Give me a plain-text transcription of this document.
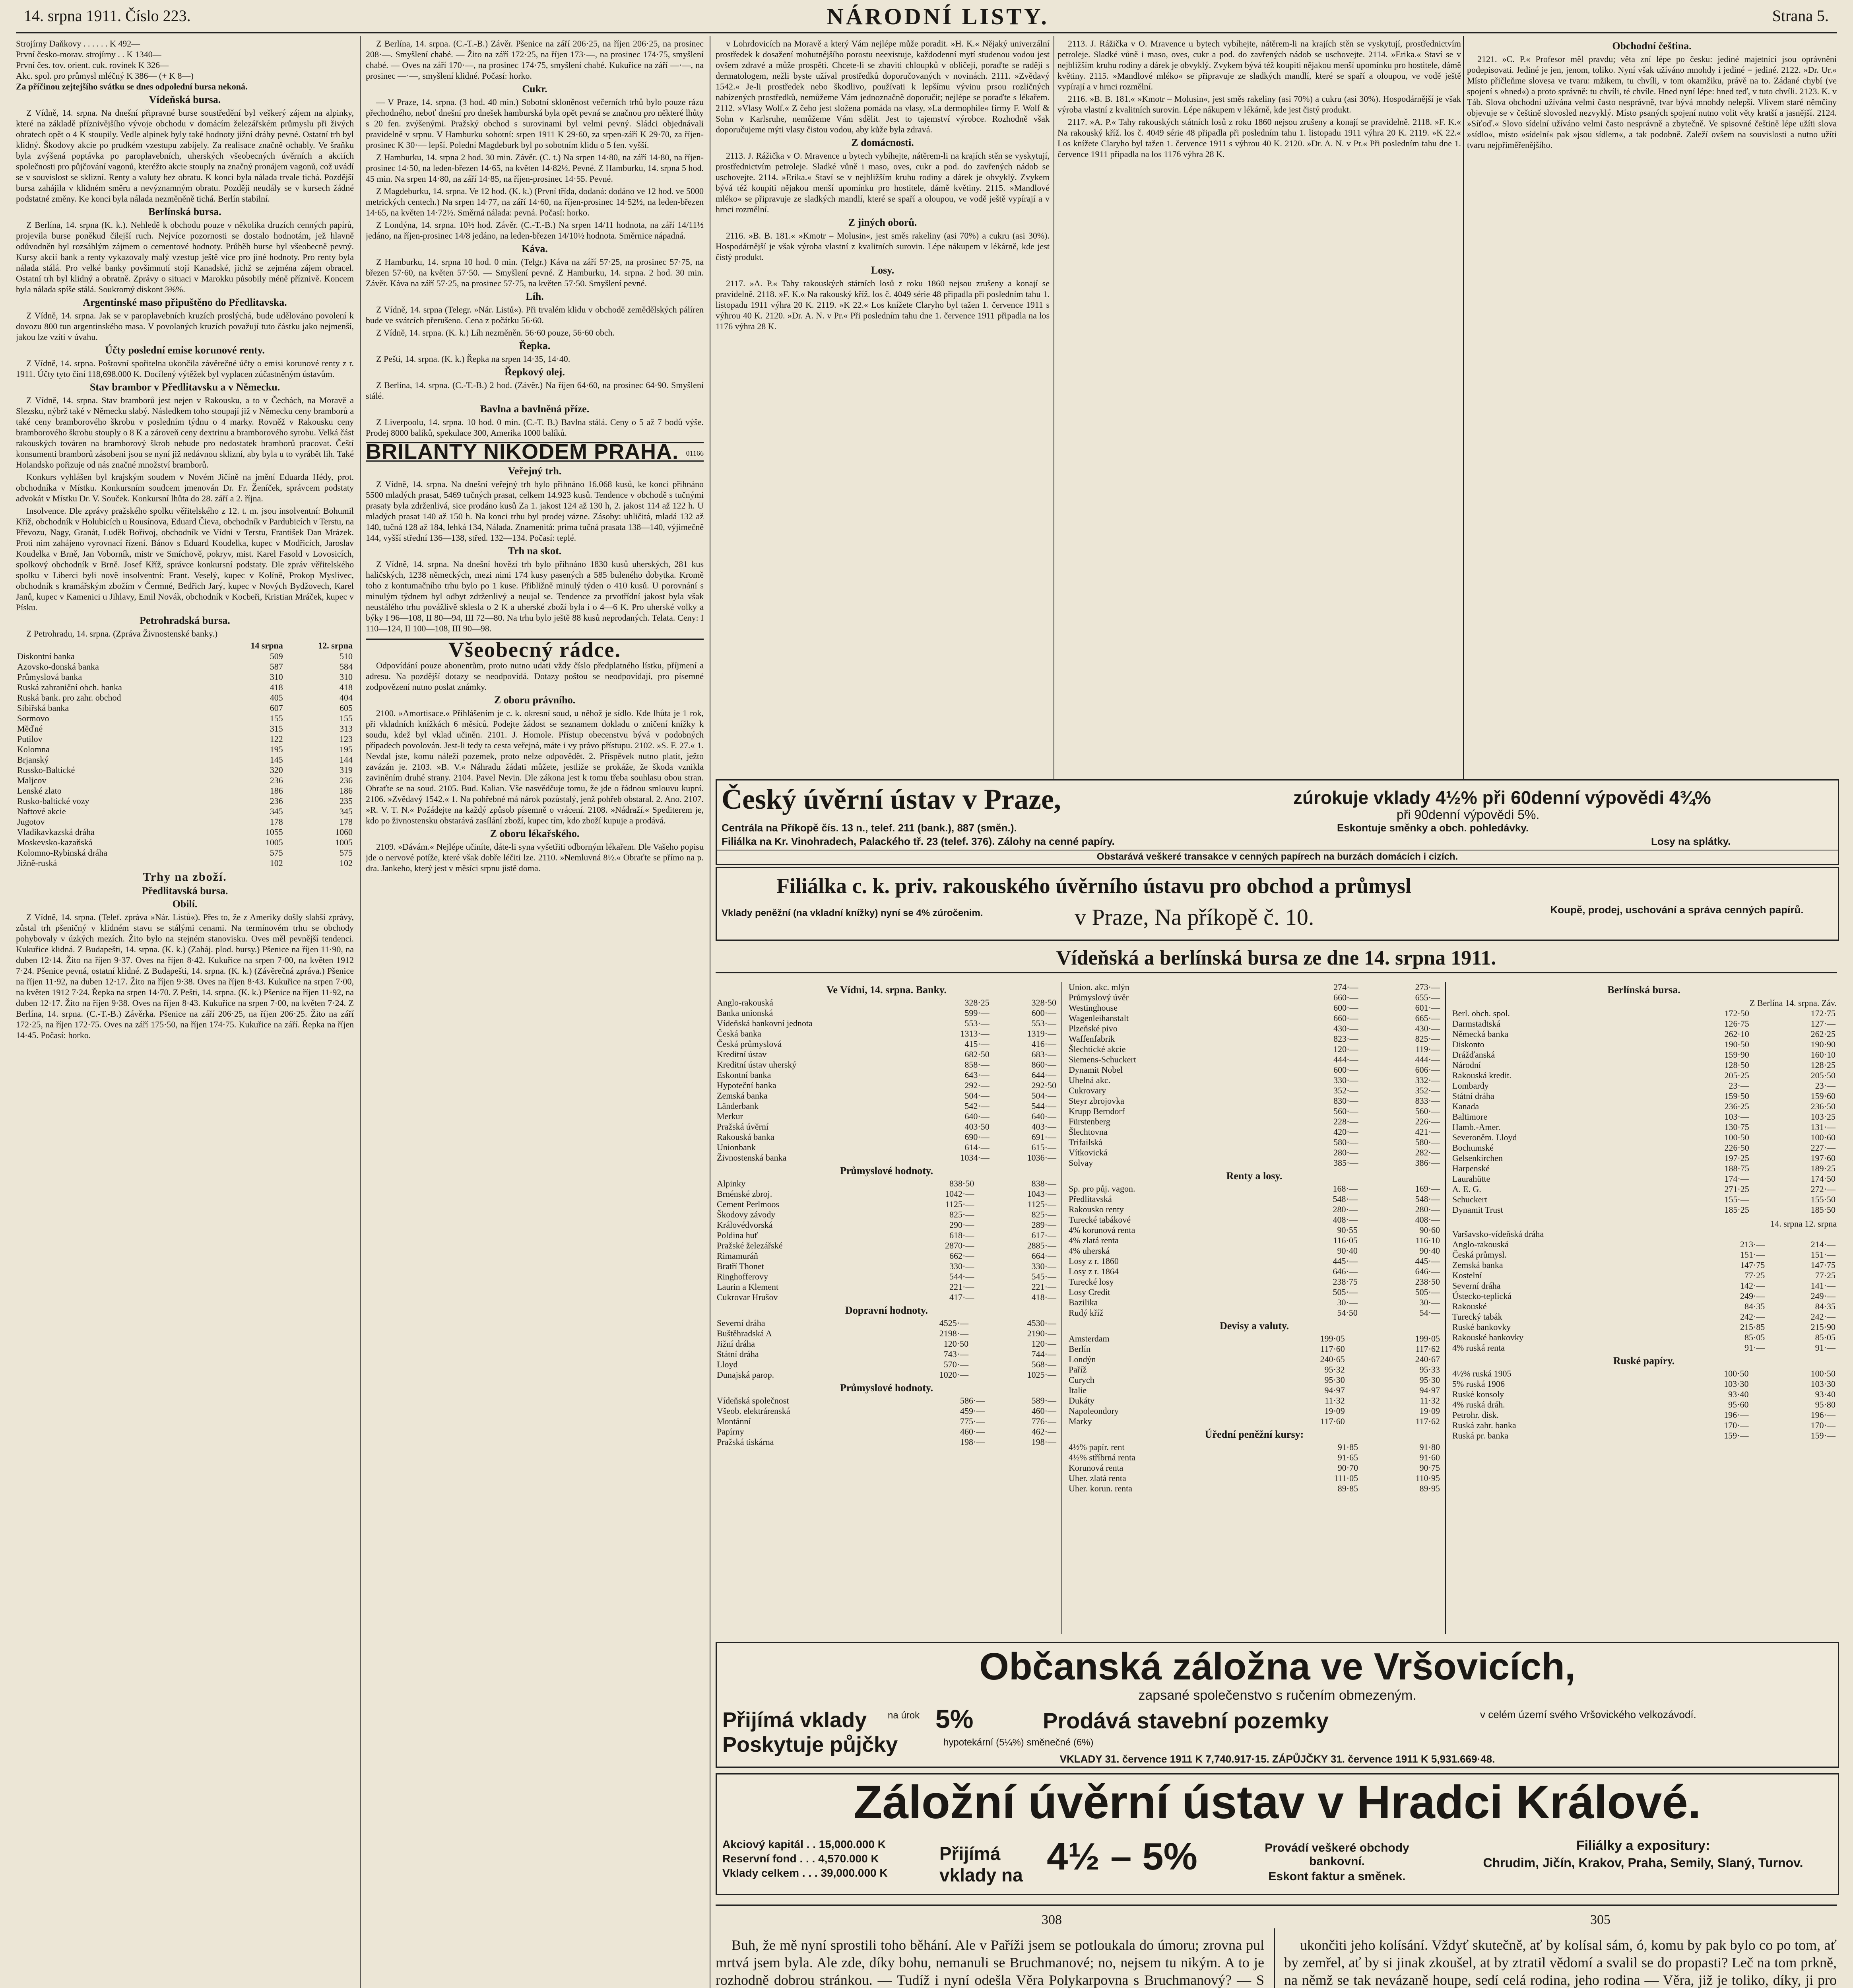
14. srpna 1911. Číslo 223.	NÁRODNÍ LISTY.	Strana 5.
Strojírny Daňkovy . . . . . . K 492—
První česko-morav. strojírny . . K 1340—
První čes. tov. orient. cuk. rovinek K 326—
Akc. spol. pro průmysl mléčný K 386— (+ K 8—)
Za příčinou zejtejšího svátku se dnes odpolední bursa nekoná.
Vídeňská bursa.

Z Vídně, 14. srpna. Na dnešní připravné burse soustředění byl veškerý zájem na alpinky, které na základě příznivějšího vývoje obchodu v domácím železářském průmyslu při živých obratech opět o 4 K stoupily. Vedle alpinek byly také hodnoty jižní dráhy pevné. Ostatní trh byl klidný. Škodovy akcie po prudkém vzestupu zabíjely. Za realisace značně ochably. Ve šraňku byla zvýšená poptávka po paroplavebních, uherských všeobecných úvěrních a akciích společnosti pro půjčování vagonů, kteréžto akcie stouply na značný pronájem vagonů, což uvádí se v souvislost se sklizní. Renty a valuty bez obratu. K konci byla nálada trvale tichá. Pozdější bursa zahájila v klidném směru a nevýznamným obratu. Později neudály se v kursech žádné podstatné změny. Ke konci byla nálada nezměněně tichá. Berlín stabilní.

Berlínská bursa.

Z Berlína, 14. srpna (K. k.). Nehledě k obchodu pouze v několika druzích cenných papírů, projevila burse poněkud čilejší ruch. Nejvíce pozornosti se dostalo hodnotám, jež hlavně odůvodněn byl rozsáhlým zájmem o cementové hodnoty. Průběh burse byl všeobecně pevný. Kursy akcií bank a renty vykazovaly malý vzestup ještě více pro jiné hodnoty. Pro renty byla nálada stálá. Pro velké banky povšimnutí stojí Kanadské, jichž se zejména zájem obracel. Ostatní trh byl klidný a obratně. Zprávy o situaci v Marokku působily méně příznivě. Koncem byla nálada spíše stálá. Soukromý diskont 3⅜%.

Argentinské maso připuštěno do Předlitavska.

Z Vídně, 14. srpna. Jak se v paroplavebních kruzích proslýchá, bude udělováno povolení k dovozu 800 tun argentinského masa. V povolaných kruzích považují tuto částku jako nejmenší, jakou lze vzíti v úvahu.

Účty poslední emise korunové renty.

Z Vídně, 14. srpna. Poštovní spořitelna ukončila závěrečné účty o emisi korunové renty z r. 1911. Účty tyto činí 118,698.000 K. Docílený výtěžek byl vyplacen zúčastněným ústavům.

Stav brambor v Předlitavsku a v Německu.

Z Vídně, 14. srpna. Stav bramborů jest nejen v Rakousku, a to v Čechách, na Moravě a Slezsku, nýbrž také v Německu slabý. Následkem toho stoupají již v Německu ceny bramborů a také ceny bramborového škrobu v posledním týdnu o 4 marky. Rovněž v Rakousku ceny bramborového škrobu stouply o 8 K a zároveň ceny dextrinu a bramborového syrobu. Velká část rakouských továren na bramborový škrob nebude pro nedostatek bramborů pracovat. Čeští konsumenti bramborů zásobeni jsou se nyní již nedávnou sklizní, aby byla u to vyrábět lih. Také Holandsko pořizuje od nás značné množství bramborů.

Konkurs vyhlášen byl krajským soudem v Novém Jičíně na jmění Eduarda Hédy, prot. obchodníka v Místku. Konkursním soudcem jmenován Dr. Fr. Ženíček, správcem podstaty advokát v Místku Dr. V. Souček. Konkursní lhůta do 28. září a 2. října.

Insolvence. Dle zprávy pražského spolku věřitelského z 12. t. m. jsou insolventní: Bohumil Kříž, obchodník v Holubicích u Rousínova, Eduard Čieva, obchodník v Pardubicích v Terstu, na Převozu, Nagy, Granát, Luděk Bořivoj, obchodník ve Vídni v Terstu, František Dan Mrázek. Proti nim zahájeno vyrovnací řízení. Bánov s Eduard Koudelka, kupec v Modřicích, Jaroslav Koudelka v Brně, Jan Voborník, mistr ve Smíchově, pokryv, mist. Karel Fasold v Lovosicích, spolkový obchodník v Brně. Josef Kříž, správce konkursní podstaty. Dle zpráv věřitelského spolku v Liberci byli nově insolventní: Frant. Veselý, kupec v Kolíně, Prokop Myslivec, obchodník s kramářským zbožím v Čermné, Bedřich Jarý, kupec v Nových Bydžovech, Karel Janů, kupec v Kamenici u Jihlavy, Emil Novák, obchodník v Kocbeři, Kristian Mráček, kupec v Písku.

Petrohradská bursa.

Z Petrohradu, 14. srpna. (Zpráva Živnostenské banky.)

	14 srpna	12. srpna
Diskontní banka	509	510
Azovsko-donská banka	587	584
Průmyslová banka	310	310
Ruská zahraniční obch. banka	418	418
Ruská bank. pro zahr. obchod	405	404
Sibiřská banka	607	605
Sormovo	155	155
Měďné	315	313
Putilov	122	123
Kolomna	195	195
Brjanský	145	144
Russko-Baltické	320	319
Maljcov	236	236
Lenské zlato	186	186
Rusko-baltické vozy	236	235
Naftové akcie	345	345
Jugotov	178	178
Vladikavkazská dráha	1055	1060
Moskevsko-kazaňská	1005	1005
Kolomno-Rybinská dráha	575	575
Jižně-ruská	102	102
Trhy na zboží.
Předlitavská bursa.
Obilí.

Z Vídně, 14. srpna. (Telef. zpráva »Nár. Listů«). Přes to, že z Ameriky došly slabší zprávy, zůstal trh pšeničný v klidném stavu se stálými cenami. Na termínovém trhu se obchody pohybovaly v úzkých mezích. Žito bylo na stejném stanovisku. Oves měl pevnější tendenci. Kukuřice klidná. Z Budapešti, 14. srpna. (K. k.) (Zaháj. plod. bursy.) Pšenice na říjen 11·90, na duben 12·14. Žito na říjen 9·37. Oves na říjen 8·42. Kukuřice na srpen 7·00, na květen 1912 7·24. Pšenice pevná, ostatní klidné. Z Budapešti, 14. srpna. (K. k.) (Závěrečná zpráva.) Pšenice na říjen 11·92, na duben 12·17. Žito na říjen 9·38. Oves na říjen 8·43. Kukuřice na srpen 7·00, na květen 1912 7·24. Řepka na srpen 14·70. Z Pešti, 14. srpna. (K. k.) Pšenice na říjen 11·92, na duben 12·17. Žito na říjen 9·38. Oves na říjen 8·43. Kukuřice na srpen 7·00, na květen 7·24. Z Berlína, 14. srpna. (C.-T.-B.) Závěrka. Pšenice na září 206·25, na říjen 206·25. Žito na září 172·25, na říjen 172·75. Oves na září 175·50, na říjen 174·75. Kukuřice na září. Řepka na říjen 14·45. Počasí: horko.

Z Berlína, 14. srpna. (C.-T.-B.) Závěr. Pšenice na září 206·25, na říjen 206·25, na prosinec 208·—. Smyšlení chabé. — Žito na září 172·25, na říjen 173·—, na prosinec 174·75, smyšlení chabé. — Oves na září 170·—, na prosinec 174·75, smyšlení chabé. Kukuřice na září —·—, na prosinec —·—, smyšlení klidné. Počasí: horko.

Cukr.

— V Praze, 14. srpna. (3 hod. 40 min.) Sobotní skloněnost večerních trhů bylo pouze rázu přechodného, neboť dnešní pro dnešek hamburská byla opět pevná se značnou pro některé lhůty s 20 fen. zvýšenými. Pražský obchod s surovinami byl velmi pevný. Sládci objednávali pravidelně v srpnu. V Hamburku sobotní: srpen 1911 K 29·60, za srpen-září K 29·70, za říjen-prosinec K 30·— lepší. Polední Magdeburk byl po sobotním klidu o 5 fen. vyšší.

Z Hamburku, 14. srpna 2 hod. 30 min. Závěr. (C. t.) Na srpen 14·80, na září 14·80, na říjen-prosinec 14·50, na leden-březen 14·65, na květen 14·82½. Pevné. Z Hamburku, 14. srpna 5 hod. 45 min. Na srpen 14·80, na září 14·85, na říjen-prosinec 14·55. Pevné.

Z Magdeburku, 14. srpna. Ve 12 hod. (K. k.) (První třída, dodaná: dodáno ve 12 hod. ve 5000 metrických centech.) Na srpen 14·77, na září 14·60, na říjen-prosinec 14·52½, na leden-březen 14·65, na květen 14·72½. Směrná nálada: pevná. Počasí: horko.

Z Londýna, 14. srpna. 10½ hod. Závěr. (C.-T.-B.) Na srpen 14/11 hodnota, na září 14/11½ jedáno, na říjen-prosinec 14/8 jedáno, na leden-březen 14/10½ hodnota. Směrnice nápadná.

Káva.

Z Hamburku, 14. srpna 10 hod. 0 min. (Telgr.) Káva na září 57·25, na prosinec 57·75, na březen 57·60, na květen 57·50. — Smyšlení pevné. Z Hamburku, 14. srpna. 2 hod. 30 min. Závěr. Káva na září 57·25, na prosinec 57·75, na květen 57·50. Smyšlení pevné.

Líh.

Z Vídně, 14. srpna (Telegr. »Nár. Listů«). Při trvalém klidu v obchodě zemědělských pálíren bude ve svátcích přerušeno. Cena z počátku 56·60.

Z Vídně, 14. srpna. (K. k.) Líh nezměněn. 56·60 pouze, 56·60 obch.

Řepka.

Z Pešti, 14. srpna. (K. k.) Řepka na srpen 14·35, 14·40.

Řepkový olej.

Z Berlína, 14. srpna. (C.-T.-B.) 2 hod. (Závěr.) Na říjen 64·60, na prosinec 64·90. Smyšlení stálé.

Bavlna a bavlněná příze.

Z Liverpoolu, 14. srpna. 10 hod. 0 min. (C.-T. B.) Bavlna stálá. Ceny o 5 až 7 bodů výše. Prodej 8000 balíků, spekulace 300, Amerika 1000 balíků.

BRILANTY NIKODEM PRAHA.	01166
Veřejný trh.

Z Vídně, 14. srpna. Na dnešní veřejný trh bylo přihnáno 16.068 kusů, ke konci přihnáno 5500 mladých prasat, 5469 tučných prasat, celkem 14.923 kusů. Tendence v obchodě s tučnými prasaty byla zdrženlivá, sice prodáno kusů Za 1. jakost 124 až 130 h, 2. jakost 114 až 122 h. U mladých prasat 140 až 150 h. Na konci trhu byl prodej vázne. Zásoby: uhličitá, mladá 132 až 140, tučná 128 až 184, lehká 134, Nálada. Znamenitá: prima tučná prasata 138—140, výjimečně 144, vyšší střední 136—138, střed. 132—134. Počasí: teplé.

Trh na skot.

Z Vídně, 14. srpna. Na dnešní hovězí trh bylo přihnáno 1830 kusů uherských, 281 kus haličských, 1238 německých, mezi nimi 174 kusy pasených a 585 buleného dobytka. Kromě toho z kontumačního trhu bylo po 1 kuse. Přibližně minulý týden o 410 kusů. U porovnání s minulým týdnem byl odbyt zdrženlivý a neujal se. Tendence za prvotřídní jakost byla však neustálého trhu povážlivě sklesla o 2 K a uherské zboží byla i o 4—6 K. Pro uherské volky a býky I 96—108, II 80—94, III 72—80. Na trhu bylo ještě 88 kusů neprodaných. Telata. Ceny: I 110—124, II 100—108, III 90—98.

Všeobecný rádce.

Odpovídání pouze abonentům, proto nutno udati vždy číslo předplatného lístku, příjmení a adresu. Na pozdější dotazy se neodpovídá. Dotazy poštou se neodpovídají, pro písemné zodpovězení nutno poslat známky.

Z oboru právního.

2100. »Amortisace.« Přihlášením je c. k. okresní soud, u něhož je sídlo. Kde lhůta je 1 rok, při vkladních knížkách 6 měsíců. Podejte žádost se seznamem dokladu o zničení knížky k soudu, kdež byl vklad učiněn. 2101. J. Homole. Přístup obecenstvu bývá v podobných případech povolován. Jest-li tedy ta cesta veřejná, máte i vy právo přístupu. 2102. »S. F. 27.« 1. Nevdal jste, komu náleží pozemek, proto nelze odpovědět. 2. Příspěvek nutno platit, ježto zavázán je. 2103. »B. V.« Náhradu žádati můžete, jestliže se prokáže, že škoda vznikla zaviněním druhé strany. 2104. Pavel Nevin. Dle zákona jest k tomu třeba souhlasu obou stran. Obraťte se na soud. 2105. Bud. Kalian. Vše nasvědčuje tomu, že jde o řádnou smlouvu kupní. 2106. »Zvědavý 1542.« 1. Na pohřebné má nárok pozůstalý, jenž pohřeb obstaral. 2. Ano. 2107. »R. V. T. N.« Požádejte na každý způsob písemně o vrácení. 2108. »Nádraží.« Spediterem je, kdo po živnostensku obstarává zasílání zboží, kupec tím, kdo zboží kupuje a prodává.

Z oboru lékařského.

2109. »Dávám.« Nejlépe učiníte, dáte-li syna vyšetřiti odborným lékařem. Dle Vašeho popisu jde o nervové potíže, které však dobře léčiti lze. 2110. »Nemluvná 8½.« Obraťte se přímo na p. dra. Jankeho, který jest v měsíci srpnu jistě doma.

v Lohrdovicích na Moravě a který Vám nejlépe může poradit. »H. K.« Nějaký univerzální prostředek k dosažení mohutnějšího porostu neexistuje, každodenní mytí studenou vodou jest ovšem zdravé a může prospěti. Chcete-li se zbaviti chloupků v obličeji, poraďte se raději s dermatologem, nežli byste užíval prostředků doporučovaných v novinách. 2111. »Zvědavý 1542.« Je-li prostředek nebo škodlivo, používati k lepšímu vývinu prsou rozličných nabízených prostředků, nemůžeme Vám jednoznačně doporučit; nejlépe se poraďte s lékařem. 2112. »Vlasy Wolf.« Z čeho jest složena pomáda na vlasy, »La dermophile« firmy F. Wolf & Sohn v Karlsruhe, nemůžeme Vám sdělit. Jest to tajemství výrobce. Rozhodně však doporučujeme mýti vlasy čistou vodou, aby kůže byla zdravá.

Z domácnosti.

2113. J. Rážička v O. Mravence u bytech vybíhejte, nátěrem-li na krajích stěn se vyskytují, prostřednictvím petroleje. Sladké vůně i maso, oves, cukr a pod. do zavřených nádob se uschovejte. 2114. »Erika.« Staví se v nejbližším kruhu rodiny a dárek je obvyklý. Zvykem bývá též koupiti nějakou menší upomínku pro hostitele, dámě květiny. 2115. »Mandlové mléko« se připravuje ze sladkých mandlí, které se spaří a oloupou, ve vodě ještě vypírají a v hrnci rozmělní.

Z jiných oborů.

2116. »B. B. 181.« »Kmotr – Molusin«, jest směs rakeliny (asi 70%) a cukru (asi 30%). Hospodárnější je však výroba vlastní z kvalitních surovin. Lépe nákupem v lékárně, kde jest čistý produkt.

Losy.

2117. »A. P.« Tahy rakouských státních losů z roku 1860 nejsou zrušeny a konají se pravidelně. 2118. »F. K.« Na rakouský kříž. los č. 4049 série 48 připadla při posledním tahu 1. listopadu 1911 výhra 20 K. 2119. »K 22.« Los knížete Claryho byl tažen 1. července 1911 s výhrou 40 K. 2120. »Dr. A. N. v Pr.« Při posledním tahu dne 1. července 1911 připadla na los 1176 výhra 28 K.

Obchodní čeština.

2121. »C. P.« Profesor měl pravdu; věta zní lépe po česku: jediné majetníci jsou oprávněni podepisovati. Jediné je jen, jenom, toliko. Nyní však užíváno mnohdy i jediné = jediné. 2122. »Dr. Ur.« Místo přičleňme slovesa ve tvaru: mžikem, tu chvíli, v tom okamžiku, právě na to. Zádané chybí (ve spojení s »hned«) a proto správně: tu chvíli, té chvíle. Hned nyní lépe: hned teď, v tuto chvíli. 2123. K. v Táb. Slova obchodní užívána velmi často nesprávně, tvar bývá mnohdy nelepší. Vlivem staré němčiny objevuje se v češtině slovosled nezvyklý. Místo psaných spojení nutno volit věty kratší a jasnější. 2124. »Síťoď.« Slovo sídelní užíváno velmi často nesprávně a zbytečně. Ve spisovné češtině lépe užíti slova »sídlo«, místo »sídelní« pak »jsou sídlem«, a tak podobně. Zaleží ovšem na souvislosti a nutno užíti tvaru nejpřiměřenějšího.

2113. J. Rážička v O. Mravence u bytech vybíhejte, nátěrem-li na krajích stěn se vyskytují, prostřednictvím petroleje. Sladké vůně i maso, oves, cukr a pod. do zavřených nádob se uschovejte. 2114. »Erika.« Staví se v nejbližším kruhu rodiny a dárek je obvyklý. Zvykem bývá též koupiti nějakou menší upomínku pro hostitele, dámě květiny. 2115. »Mandlové mléko« se připravuje ze sladkých mandlí, které se spaří a oloupou, ve vodě ještě vypírají a v hrnci rozmělní.

2116. »B. B. 181.« »Kmotr – Molusin«, jest směs rakeliny (asi 70%) a cukru (asi 30%). Hospodárnější je však výroba vlastní z kvalitních surovin. Lépe nákupem v lékárně, kde jest čistý produkt.

2117. »A. P.« Tahy rakouských státních losů z roku 1860 nejsou zrušeny a konají se pravidelně. 2118. »F. K.« Na rakouský kříž. los č. 4049 série 48 připadla při posledním tahu 1. listopadu 1911 výhra 20 K. 2119. »K 22.« Los knížete Claryho byl tažen 1. července 1911 s výhrou 40 K. 2120. »Dr. A. N. v Pr.« Při posledním tahu dne 1. července 1911 připadla na los 1176 výhra 28 K.

Český úvěrní ústav v Praze,	zúrokuje vklady 4½% při 60denní výpovědi 4¾%
při 90denní výpovědi 5%.
Centrála na Příkopě čís. 13 n., telef. 211 (bank.), 887 (směn.).	Eskontuje směnky a obch. pohledávky.
Filiálka na Kr. Vinohradech, Palackého tř. 23 (telef. 376). Zálohy na cenné papíry.	Losy na splátky.
Obstarává veškeré transakce v cenných papírech na burzách domácích i cizích.
Filiálka c. k. priv. rakouského úvěrního ústavu pro obchod a průmysl
v Praze, Na příkopě č. 10.
Vklady peněžní (na vkladní knížky) nyní se 4% zúročenim.	Koupě, prodej, uschování a správa cenných papírů.
Vídeňská a berlínská bursa ze dne 14. srpna 1911.
Ve Vídni, 14. srpna. Banky.
Anglo-rakouská	328·25	328·50
Banka unionská	599·—	600·—
Vídeňská bankovní jednota	553·—	553·—
Česká banka	1313·—	1319·—
Česká průmyslová	415·—	416·—
Kreditní ústav	682·50	683·—
Kreditní ústav uherský	858·—	860·—
Eskontní banka	643·—	644·—
Hypoteční banka	292·—	292·50
Zemská banka	504·—	504·—
Länderbank	542·—	544·—
Merkur	640·—	640·—
Pražská úvěrní	403·50	403·—
Rakouská banka	690·—	691·—
Unionbank	614·—	615·—
Živnostenská banka	1034·—	1036·—
Průmyslové hodnoty.
Alpinky	838·50	838·—
Brnénské zbroj.	1042·—	1043·—
Cement Perlmoos	1125·—	1125·—
Škodovy závody	825·—	825·—
Královédvorská	290·—	289·—
Poldina huť	618·—	617·—
Pražské železářské	2870·—	2885·—
Rimamuráň	662·—	664·—
Bratří Thonet	330·—	330·—
Ringhofferovy	544·—	545·—
Laurin a Klement	221·—	221·—
Cukrovar Hrušov	417·—	418·—
Dopravní hodnoty.
Severní dráha	4525·—	4530·—
Buštěhradská A	2198·—	2190·—
Jižní dráha	120·50	120·—
Státní dráha	743·—	744·—
Lloyd	570·—	568·—
Dunajská parop.	1020·—	1025·—
Průmyslové hodnoty.
Vídeňská společnost	586·—	589·—
Všeob. elektrárenská	459·—	460·—
Montánní	775·—	776·—
Papírny	460·—	462·—
Pražská tiskárna	198·—	198·—
Union. akc. mlýn	274·—	273·—
Průmyslový úvěr	660·—	655·—
Westinghouse	600·—	601·—
Wagenleihanstalt	660·—	665·—
Plzeňské pivo	430·—	430·—
Waffenfabrik	823·—	825·—
Šlechtické akcie	120·—	119·—
Siemens-Schuckert	444·—	444·—
Dynamit Nobel	600·—	606·—
Uhelná akc.	330·—	332·—
Cukrovary	352·—	352·—
Steyr zbrojovka	830·—	833·—
Krupp Berndorf	560·—	560·—
Fürstenberg	228·—	226·—
Šlechtovna	420·—	421·—
Trifailská	580·—	580·—
Vítkovická	280·—	282·—
Solvay	385·—	386·—
Renty a losy.
Sp. pro půj. vagon.	168·—	169·—
Předlitavská	548·—	548·—
Rakousko renty	280·—	280·—
Turecké tabákové	408·—	408·—
4% korunová renta	90·55	90·60
4% zlatá renta	116·05	116·10
4% uherská	90·40	90·40
Losy z r. 1860	445·—	445·—
Losy z r. 1864	646·—	646·—
Turecké losy	238·75	238·50
Losy Credit	505·—	505·—
Bazilika	30·—	30·—
Rudý kříž	54·50	54·—
Devisy a valuty.
Amsterdam	199·05	199·05
Berlín	117·60	117·62
Londýn	240·65	240·67
Paříž	95·32	95·33
Curych	95·30	95·30
Italie	94·97	94·97
Dukáty	11·32	11·32
Napoleondory	19·09	19·09
Marky	117·60	117·62
Úřední peněžní kursy:
4½% papír. rent	91·85	91·80
4½% stříbrná renta	91·65	91·60
Korunová renta	90·70	90·75
Uher. zlatá renta	111·05	110·95
Uher. korun. renta	89·85	89·95
Berlínská bursa.
Z Berlína 14. srpna. Záv.
Berl. obch. spol.	172·50	172·75
Darmstadtská	126·75	127·—
Německá banka	262·10	262·25
Diskonto	190·50	190·90
Drážďanská	159·90	160·10
Národní	128·50	128·25
Rakouská kredit.	205·25	205·50
Lombardy	23·—	23·—
Státní dráha	159·50	159·60
Kanada	236·25	236·50
Baltimore	103·—	103·25
Hamb.-Amer.	130·75	131·—
Severoněm. Lloyd	100·50	100·60
Bochumské	226·50	227·—
Gelsenkirchen	197·25	197·60
Harpenské	188·75	189·25
Laurahütte	174·—	174·50
A. E. G.	271·25	272·—
Schuckert	155·—	155·50
Dynamit Trust	185·25	185·50
14. srpna 12. srpna
Varšavsko-vídeňská dráha		
Anglo-rakouská	213·—	214·—
Česká průmysl.	151·—	151·—
Zemská banka	147·75	147·75
Kostelní	77·25	77·25
Severní dráha	142·—	141·—
Ústecko-teplická	249·—	249·—
Rakouské	84·35	84·35
Turecký tabák	242·—	242·—
Ruské bankovky	215·85	215·90
Rakouské bankovky	85·05	85·05
4% ruská renta	91·—	91·—
Ruské papíry.
4½% ruská 1905	100·50	100·50
5% ruská 1906	103·30	103·30
Ruské konsoly	93·40	93·40
4% ruská dráh.	95·60	95·80
Petrohr. disk.	196·—	196·—
Ruská zahr. banka	170·—	170·—
Ruská pr. banka	159·—	159·—
Občanská záložna ve Vršovicích,
zapsané společenstvo s ručením obmezeným.
Přijímá vklady na úrok 5%
Poskytuje půjčky	hypotekární (5¼%) směnečné (6%)
Prodává stavební pozemky	v celém území svého Vršovického velkozávodí.
VKLADY 31. července 1911 K 7,740.917·15. ZÁPŮJČKY 31. července 1911 K 5,931.669·48.
Záložní úvěrní ústav v Hradci Králové.
Akciový kapitál . . 15,000.000 K
Reservní fond . . . 4,570.000 K
Vklady celkem . . . 39,000.000 K
Přijímá vklady na 4½ – 5%	Provádí veškeré obchody bankovní.
Eskont faktur a směnek.
Filiálky a expositury:
Chrudim, Jičín, Krakov, Praha, Semily, Slaný, Turnov.
308	305

Buh, že mě nyní sprostili toho běhání. Ale v Paříži jsem se potloukala do úmoru; zrovna pul mrtvá jsem byla. Ale zde, díky bohu, nemanuli se Bruchmanové; no, nejsem tu nikým. A to je rozhodně dobrou stránkou. — Tudíž i nyní odešla Věra Polykarpovna s Bruchmanový? — S

ukončiti jeho kolísání. Vždyť skutečně, ať by kolísal sám, ó, komu by pak bylo co po tom, ať by zemřel, ať by si jinak zkoušel, at by ztratil vědomí a svalil se do propasti? Leč na tom prkně, na němž se tak nevázaně houpe, sedí celá rodina, jeho rodina — Věra, již je toliko, díky, ji pro
